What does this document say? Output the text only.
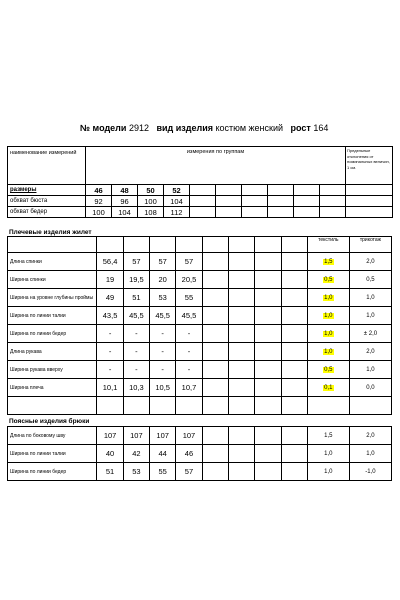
№ модели 2912 вид изделия костюм женский рост 164
наименование измерений	измерения по группам										Предельные отклонения от номинальных величин, 1 см.
размеры	46	48	50	52							
обхват бюста	92	96	100	104							
обхват бедер	100	104	108	112							
Плечевые изделия жилет
									текстиль	трикотаж
Длина спинки	56,4	57	57	57					1,5	2,0
Ширина спинки	19	19,5	20	20,5					0,5	0,5
Ширина на уровне глубины проймы	49	51	53	55					1,0	1,0
Ширина по линии талии	43,5	45,5	45,5	45,5					1,0	1,0
Ширина по линии бедер	-	-	-	-					1,0	± 2,0
Длина рукава	-	-	-	-					1,0	2,0
Ширина рукава вверху	-	-	-	-					0,5	1,0
Ширина плеча	10,1	10,3	10,5	10,7					0,1	0,0

Поясные изделия брюки
Длина по боковому шву	107	107	107	107					1,5	2,0
Ширина по линии талии	40	42	44	46					1,0	1,0
Ширина по линии бедер	51	53	55	57					1,0	-1,0
